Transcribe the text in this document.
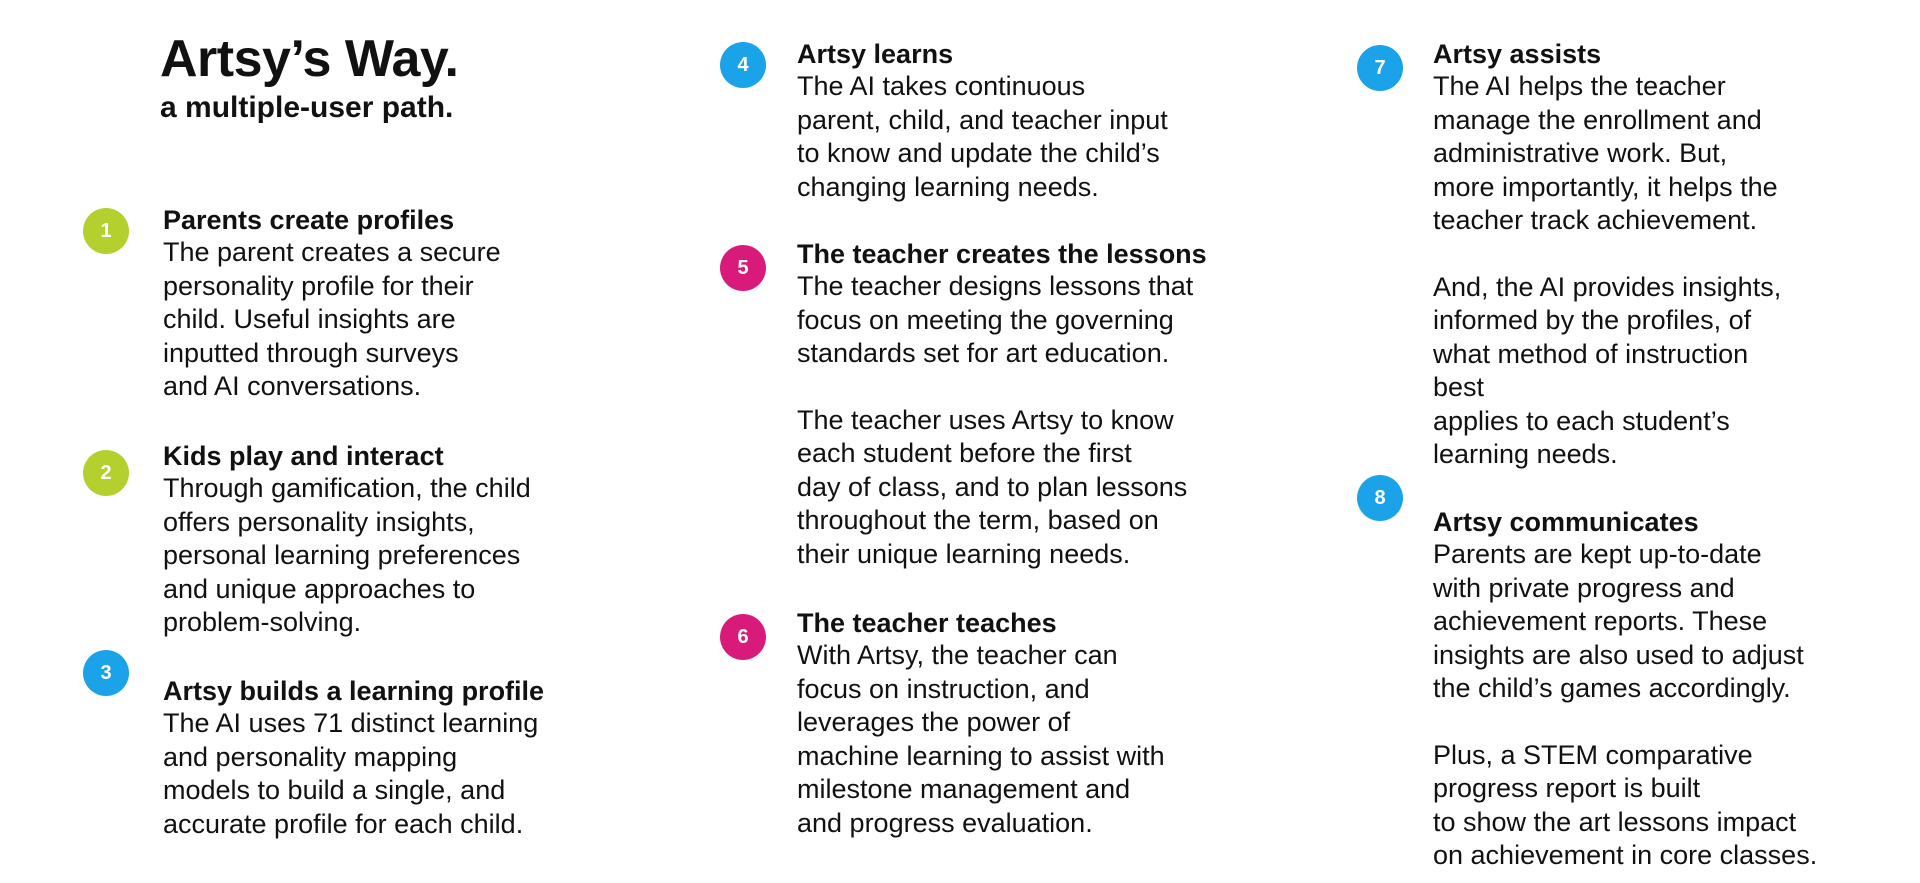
Artsy’s Way.
a multiple-user path.
1
2
3
4
5
6
7
8
Parents create profiles
The parent creates a secure
personality profile for their
child. Useful insights are
inputted through surveys
and AI conversations.
Kids play and interact
Through gamification, the child
offers personality insights,
personal learning preferences
and unique approaches to
problem-solving.
Artsy builds a learning profile
The AI uses 71 distinct learning
and personality mapping
models to build a single, and
accurate profile for each child.
Artsy learns
The AI takes continuous
parent, child, and teacher input
to know and update the child’s
changing learning needs.
The teacher creates the lessons
The teacher designs lessons that
focus on meeting the governing
standards set for art education.
The teacher uses Artsy to know
each student before the first
day of class, and to plan lessons
throughout the term, based on
their unique learning needs.
The teacher teaches
With Artsy, the teacher can
focus on instruction, and
leverages the power of
machine learning to assist with
milestone management and
and progress evaluation.
Artsy assists
The AI helps the teacher
manage the enrollment and
administrative work. But,
more importantly, it helps the
teacher track achievement.
And, the AI provides insights,
informed by the profiles, of
what method of instruction
best
applies to each student’s
learning needs.
Artsy communicates
Parents are kept up-to-date
with private progress and
achievement reports. These
insights are also used to adjust
the child’s games accordingly.
Plus, a STEM comparative
progress report is built
to show the art lessons impact
on achievement in core classes.
